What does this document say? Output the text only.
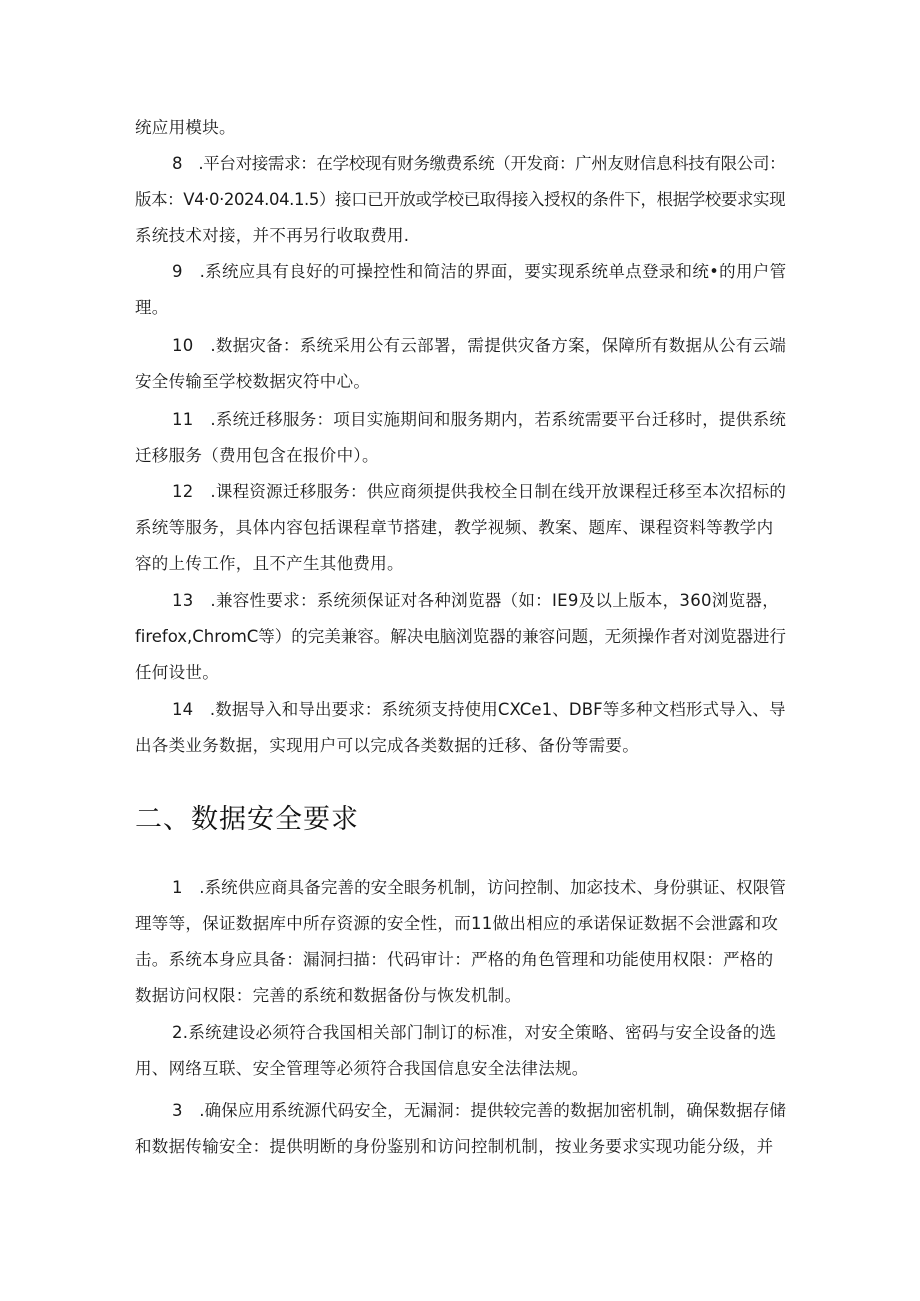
统应用模块。
8　.平台对接需求：在学校现有财务缴费系统（开发商：广州友财信息科技有限公司：
版本：V4·0·2024.04.1.5）接口已开放或学校已取得接入授权的条件下，根据学校要求实现
系统技术对接，并不再另行收取费用.
9　.系统应具有良好的可操控性和简洁的界面，要实现系统单点登录和统•的用户管
理。
10　.数据灾备：系统采用公有云部署，需提供灾备方案，保障所有数据从公有云端
安全传输至学校数据灾符中心。
11　.系统迁移服务：项目实施期间和服务期内，若系统需要平台迁移时，提供系统
迁移服务（费用包含在报价中）。
12　.课程资源迁移服务：供应商须提供我校全日制在线开放课程迁移至本次招标的
系统等服务，具体内容包括课程章节搭建，教学视频、教案、题库、课程资料等教学内
容的上传工作，且不产生其他费用。
13　.兼容性要求：系统须保证对各种浏览器（如：IE9及以上版本，360浏览器，
firefox,ChromC等）的完美兼容。解决电脑浏览器的兼容问题，无须操作者对浏览器进行
任何设世。
14　.数据导入和导出要求：系统须支持使用CXCe1、DBF等多种文档形式导入、导
出各类业务数据，实现用户可以完成各类数据的迁移、备份等需要。
二、数据安全要求
1　.系统供应商具备完善的安全眼务机制，访问控制、加宓技术、身份骐证、权限管
理等等，保证数据库中所存资源的安全性，而11做出相应的承诺保证数据不会泄露和攻
击。系统本身应具备：漏洞扫描：代码审计：严格的角色管理和功能使用权限：严格的
数据访问权限：完善的系统和数据备份与恢发机制。
2.系统建设必须符合我国相关部门制订的标准，对安全策略、密码与安全设备的选
用、网络互联、安全管理等必须符合我国信息安全法律法规。
3　.确保应用系统源代码安全，无漏洞：提供较完善的数据加密机制，确保数据存储
和数据传输安全：提供明断的身份鉴别和访问控制机制，按业务要求实现功能分级，并
